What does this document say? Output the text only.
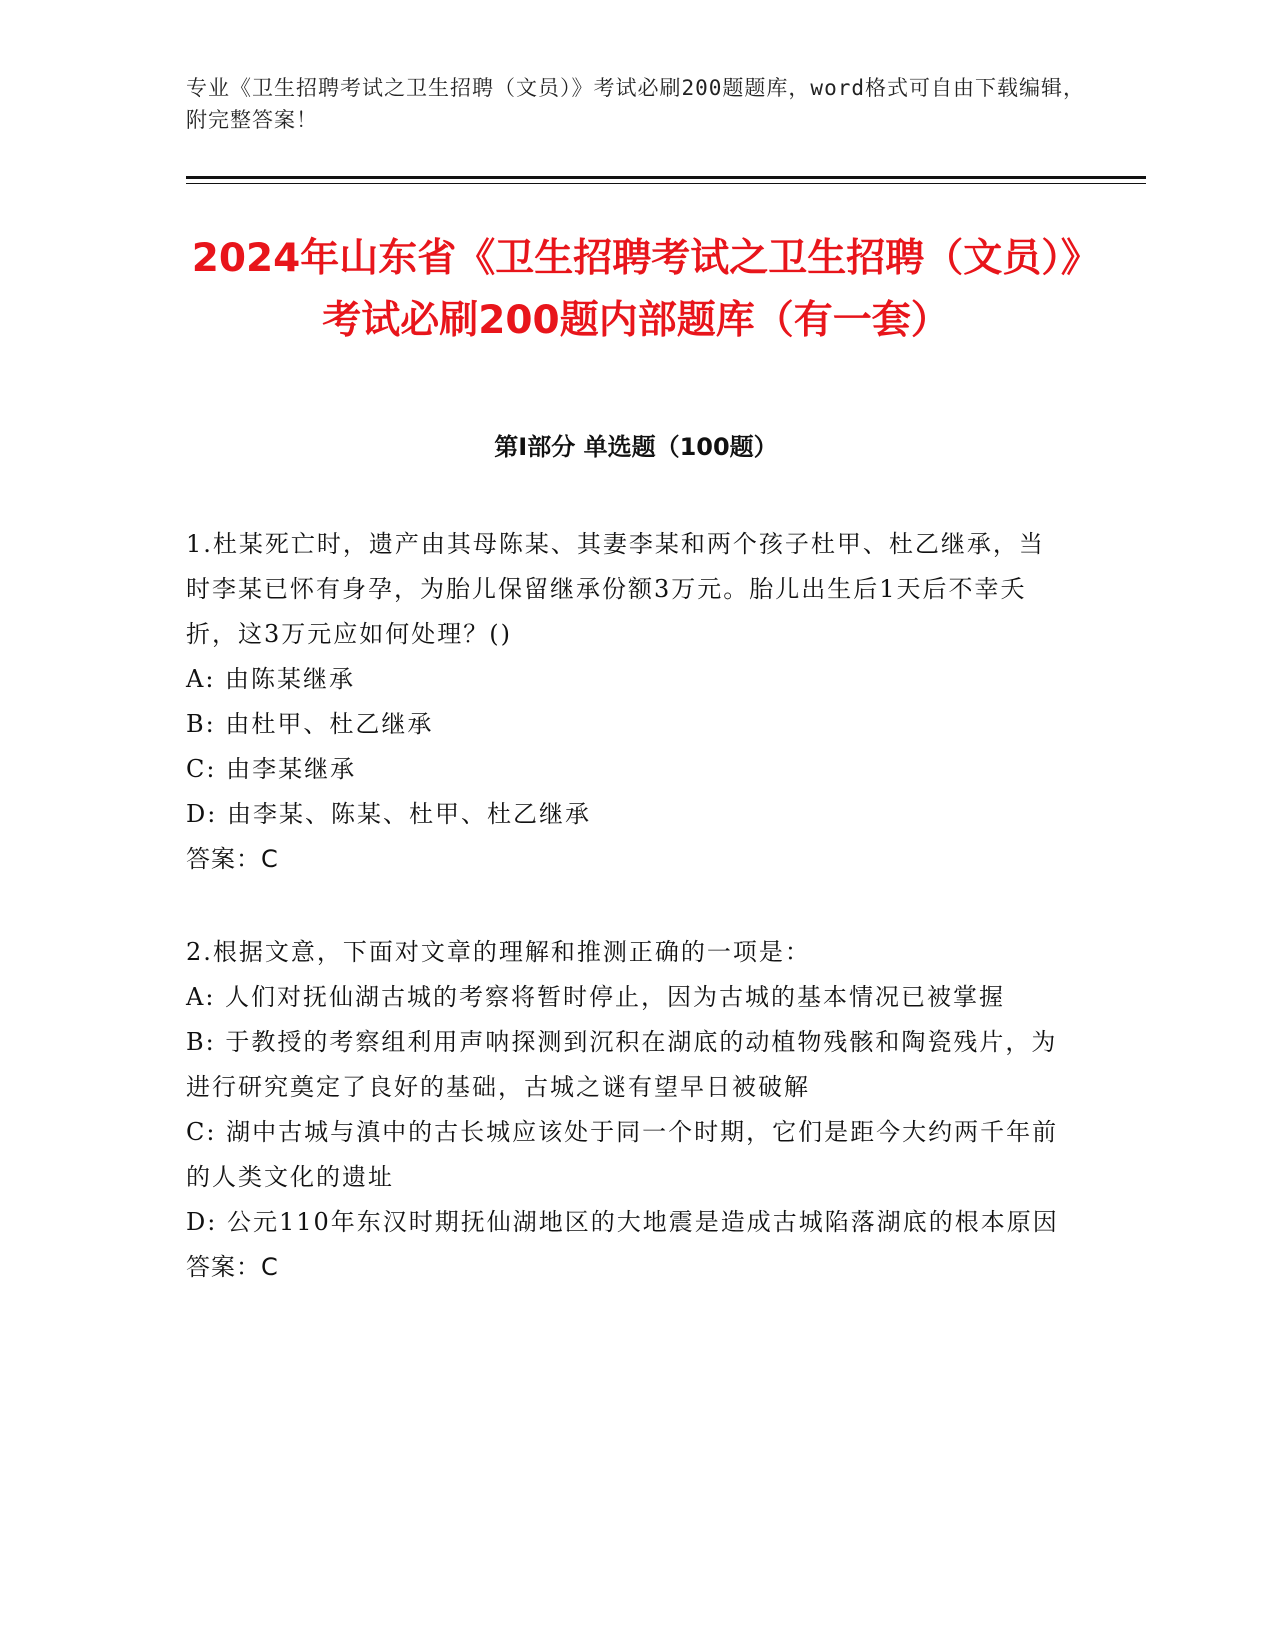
专业《卫生招聘考试之卫生招聘（文员）》考试必刷200题题库，word格式可自由下载编辑，附完整答案！
2024年山东省《卫生招聘考试之卫生招聘（文员）》考试必刷200题内部题库（有一套）
第I部分 单选题（100题）

1.杜某死亡时，遗产由其母陈某、其妻李某和两个孩子杜甲、杜乙继承，当时李某已怀有身孕，为胎儿保留继承份额3万元。胎儿出生后1天后不幸夭折，这3万元应如何处理？()

A: 由陈某继承

B: 由杜甲、杜乙继承

C: 由李某继承

D: 由李某、陈某、杜甲、杜乙继承

答案：C

2.根据文意，下面对文章的理解和推测正确的一项是：

A: 人们对抚仙湖古城的考察将暂时停止，因为古城的基本情况已被掌握

B: 于教授的考察组利用声呐探测到沉积在湖底的动植物残骸和陶瓷残片，为进行研究奠定了良好的基础，古城之谜有望早日被破解

C: 湖中古城与滇中的古长城应该处于同一个时期，它们是距今大约两千年前的人类文化的遗址

D: 公元110年东汉时期抚仙湖地区的大地震是造成古城陷落湖底的根本原因

答案：C
